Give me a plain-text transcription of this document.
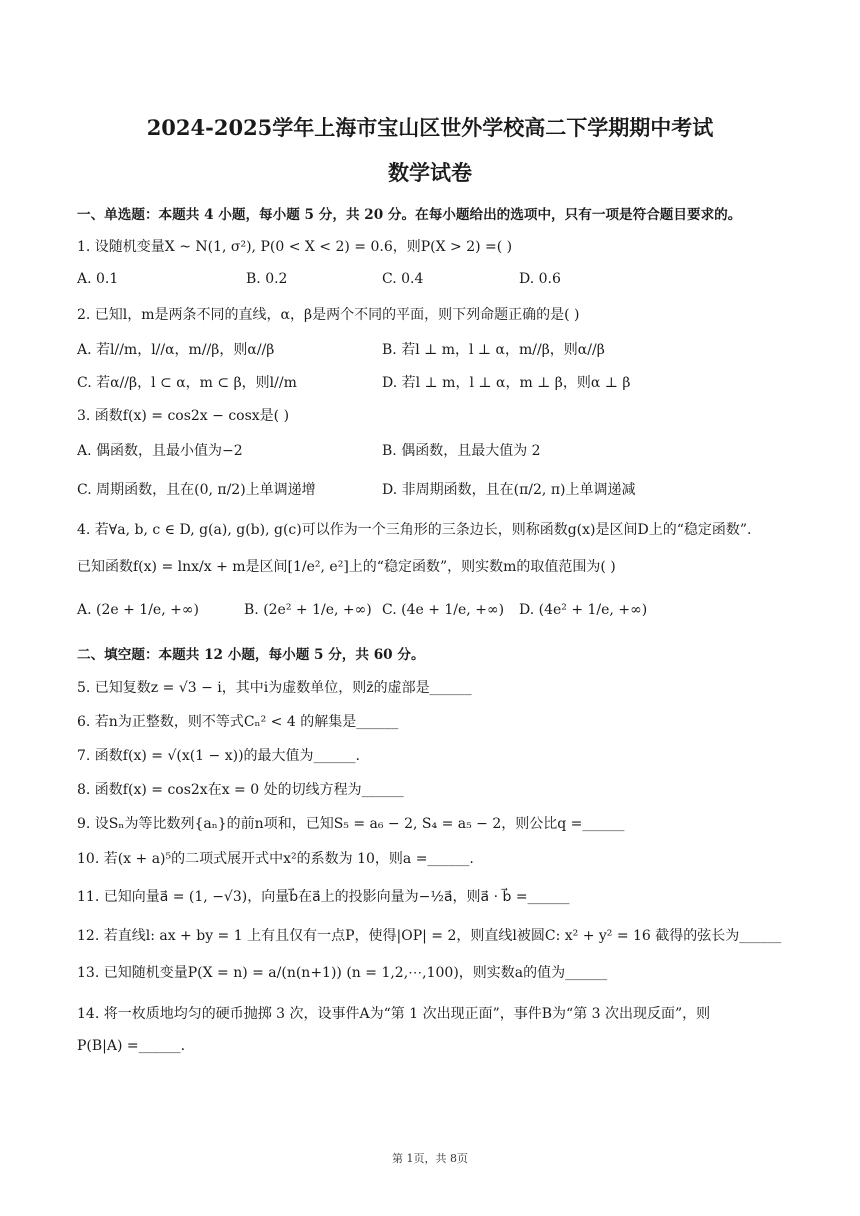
2024-2025学年上海市宝山区世外学校高二下学期期中考试
数学试卷
一、单选题：本题共 4 小题，每小题 5 分，共 20 分。在每小题给出的选项中，只有一项是符合题目要求的。
1. 设随机变量X ~ N(1, σ²), P(0 < X < 2) = 0.6，则P(X > 2) =( )
A. 0.1	B. 0.2	C. 0.4	D. 0.6
2. 已知l，m是两条不同的直线，α，β是两个不同的平面，则下列命题正确的是( )
A. 若l//m，l//α，m//β，则α//β	B. 若l ⊥ m，l ⊥ α，m//β，则α//β
C. 若α//β，l ⊂ α，m ⊂ β，则l//m	D. 若l ⊥ m，l ⊥ α，m ⊥ β，则α ⊥ β
3. 函数f(x) = cos2x − cosx是( )
A. 偶函数，且最小值为−2	B. 偶函数，且最大值为 2
C. 周期函数，且在(0, π/2)上单调递增	D. 非周期函数，且在(π/2, π)上单调递减
4. 若∀a, b, c ∈ D, g(a), g(b), g(c)可以作为一个三角形的三条边长，则称函数g(x)是区间D上的“稳定函数”.
已知函数f(x) = lnx/x + m是区间[1/e², e²]上的“稳定函数”，则实数m的取值范围为( )
A. (2e + 1/e, +∞)	B. (2e² + 1/e, +∞) C. (4e + 1/e, +∞) D. (4e² + 1/e, +∞)
二、填空题：本题共 12 小题，每小题 5 分，共 60 分。
5. 已知复数z = √3 − i，其中i为虚数单位，则z̄的虚部是______
6. 若n为正整数，则不等式Cₙ² < 4 的解集是______
7. 函数f(x) = √(x(1 − x))的最大值为______.
8. 函数f(x) = cos2x在x = 0 处的切线方程为______
9. 设Sₙ为等比数列{aₙ}的前n项和，已知S₅ = a₆ − 2, S₄ = a₅ − 2，则公比q =______
10. 若(x + a)⁵的二项式展开式中x²的系数为 10，则a =______.
11. 已知向量a⃗ = (1, −√3)，向量b⃗在a⃗上的投影向量为−½a⃗，则a⃗ · b⃗ =______
12. 若直线l: ax + by = 1 上有且仅有一点P，使得|OP| = 2，则直线l被圆C: x² + y² = 16 截得的弦长为______
13. 已知随机变量P(X = n) = a/(n(n+1)) (n = 1,2,⋯,100)，则实数a的值为______
14. 将一枚质地均匀的硬币抛掷 3 次，设事件A为“第 1 次出现正面”，事件B为“第 3 次出现反面”，则
P(B|A) =______.
第 1页，共 8页
